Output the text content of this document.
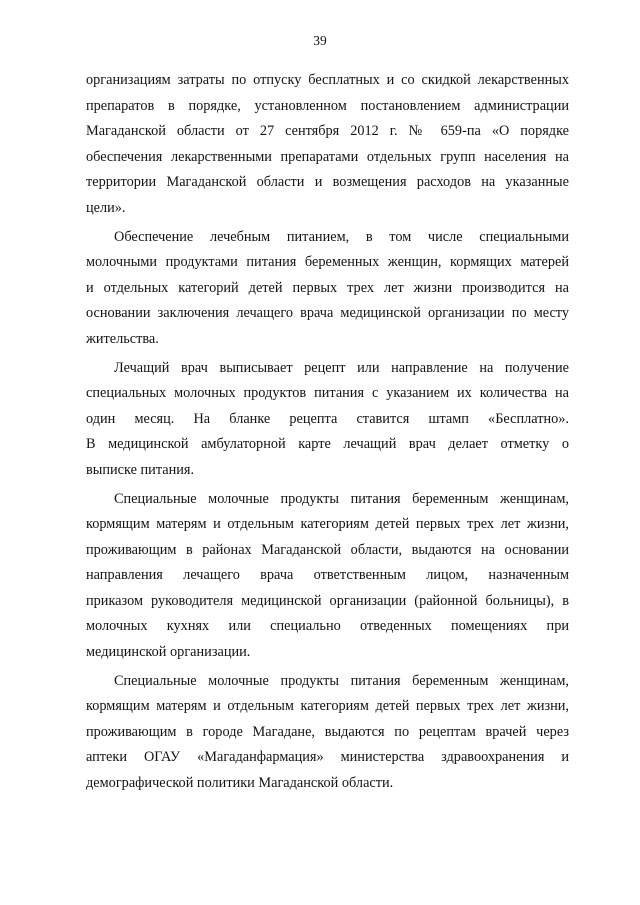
39

организациям затраты по отпуску бесплатных и со скидкой лекарственных
препаратов в порядке, установленном постановлением администрации
Магаданской области от 27 сентября 2012 г. № 659-па «О порядке
обеспечения лекарственными препаратами отдельных групп населения на
территории Магаданской области и возмещения расходов на указанные
цели».

Обеспечение лечебным питанием, в том числе специальными
молочными продуктами питания беременных женщин, кормящих матерей
и отдельных категорий детей первых трех лет жизни производится на
основании заключения лечащего врача медицинской организации по месту
жительства.

Лечащий врач выписывает рецепт или направление на получение
специальных молочных продуктов питания с указанием их количества на
один месяц. На бланке рецепта ставится штамп «Бесплатно».
В медицинской амбулаторной карте лечащий врач делает отметку о
выписке питания.

Специальные молочные продукты питания беременным женщинам,
кормящим матерям и отдельным категориям детей первых трех лет жизни,
проживающим в районах Магаданской области, выдаются на основании
направления лечащего врача ответственным лицом, назначенным
приказом руководителя медицинской организации (районной больницы), в
молочных кухнях или специально отведенных помещениях при
медицинской организации.

Специальные молочные продукты питания беременным женщинам,
кормящим матерям и отдельным категориям детей первых трех лет жизни,
проживающим в городе Магадане, выдаются по рецептам врачей через
аптеки ОГАУ «Магаданфармация» министерства здравоохранения и
демографической политики Магаданской области.
